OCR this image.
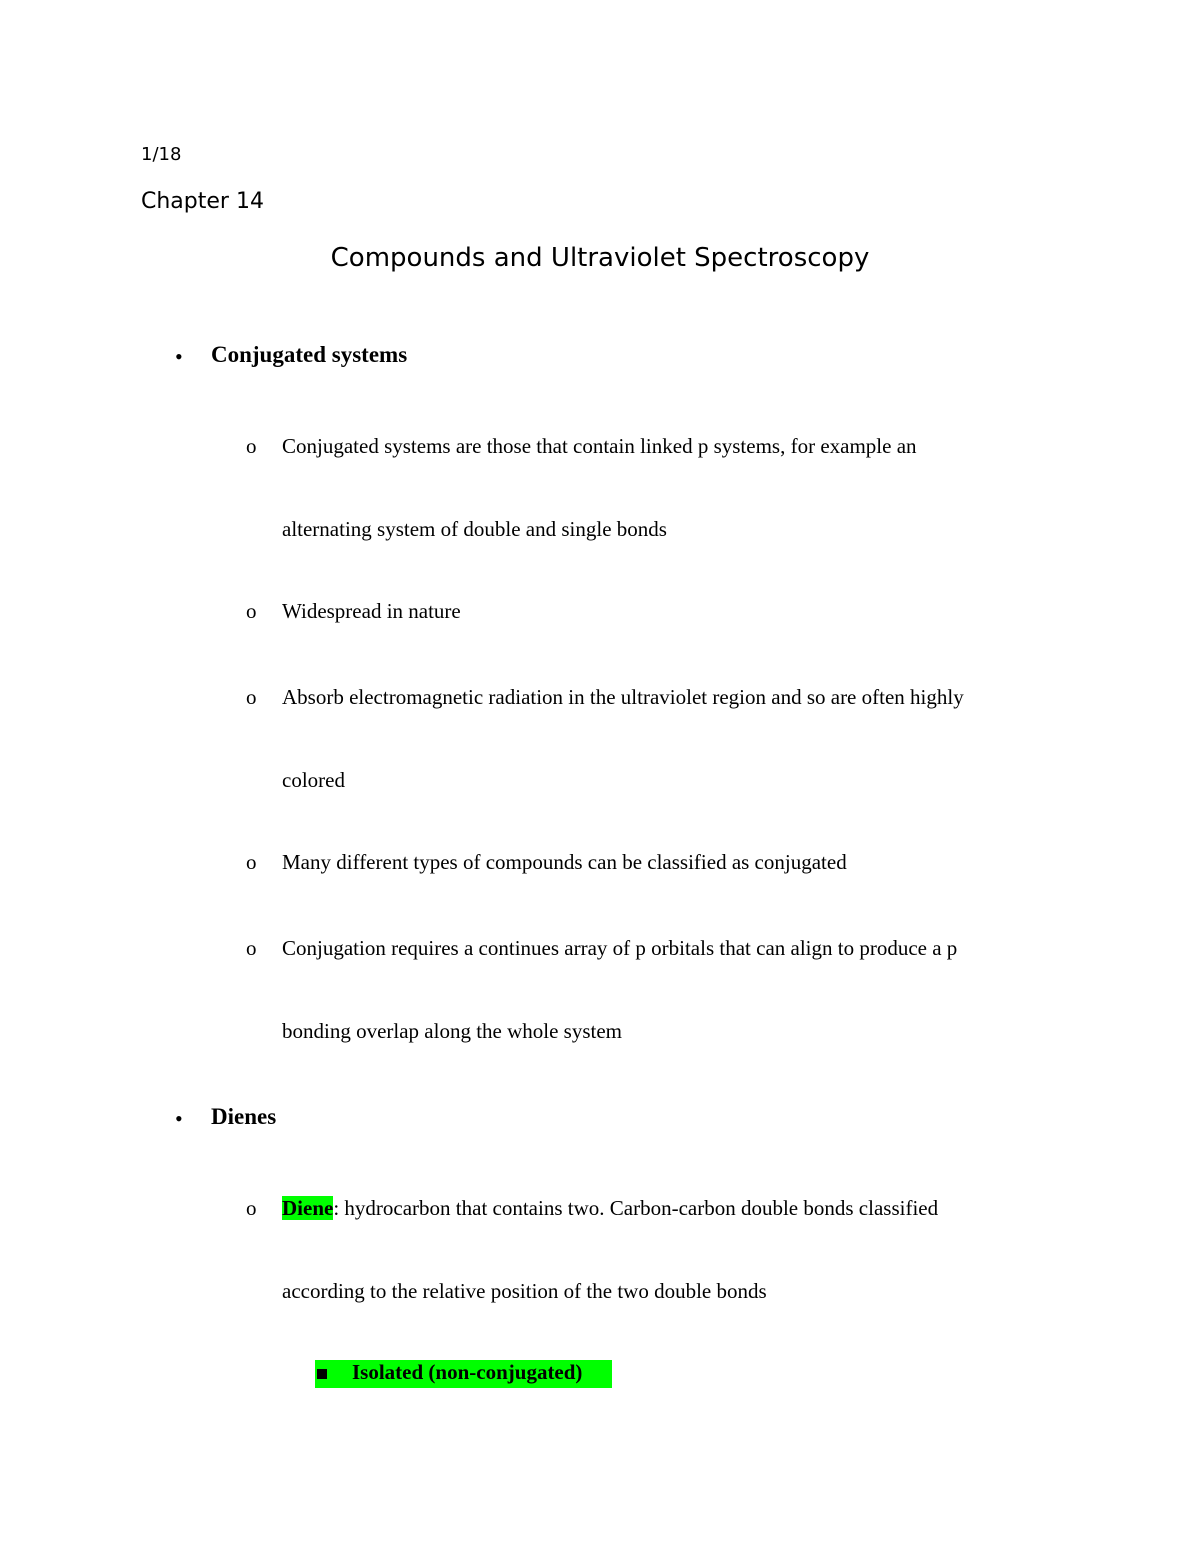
1/18
Chapter 14
Compounds and Ultraviolet Spectroscopy
• Conjugated systems
o Conjugated systems are those that contain linked p systems, for example an
alternating system of double and single bonds
o Widespread in nature
o Absorb electromagnetic radiation in the ultraviolet region and so are often highly
colored
o Many different types of compounds can be classified as conjugated
o Conjugation requires a continues array of p orbitals that can align to produce a p
bonding overlap along the whole system
• Dienes
o Diene: hydrocarbon that contains two. Carbon-carbon double bonds classified
according to the relative position of the two double bonds
Isolated (non-conjugated)
